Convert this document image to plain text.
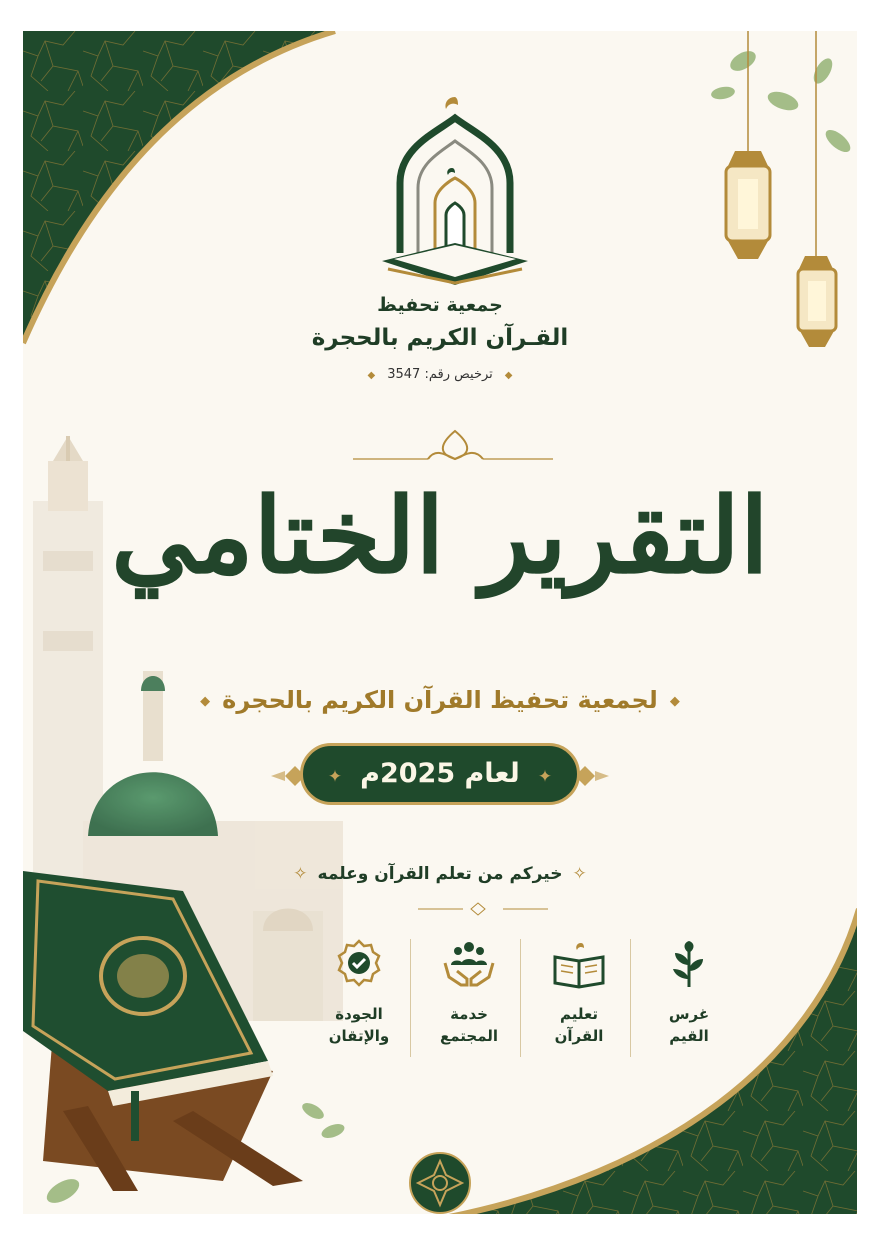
جمعية تحفيظ
القـرآن الكريم بالحجرة
◆ترخيص رقم: 3547◆
التقرير الختامي
◆لجمعية تحفيظ القرآن الكريم بالحجرة◆
✦لعام 2025م✦
✧خيركم من تعلم القرآن وعلمه✧
غرس
القيم
تعليم
القرآن
خدمة
المجتمع
الجودة
والإتقان
